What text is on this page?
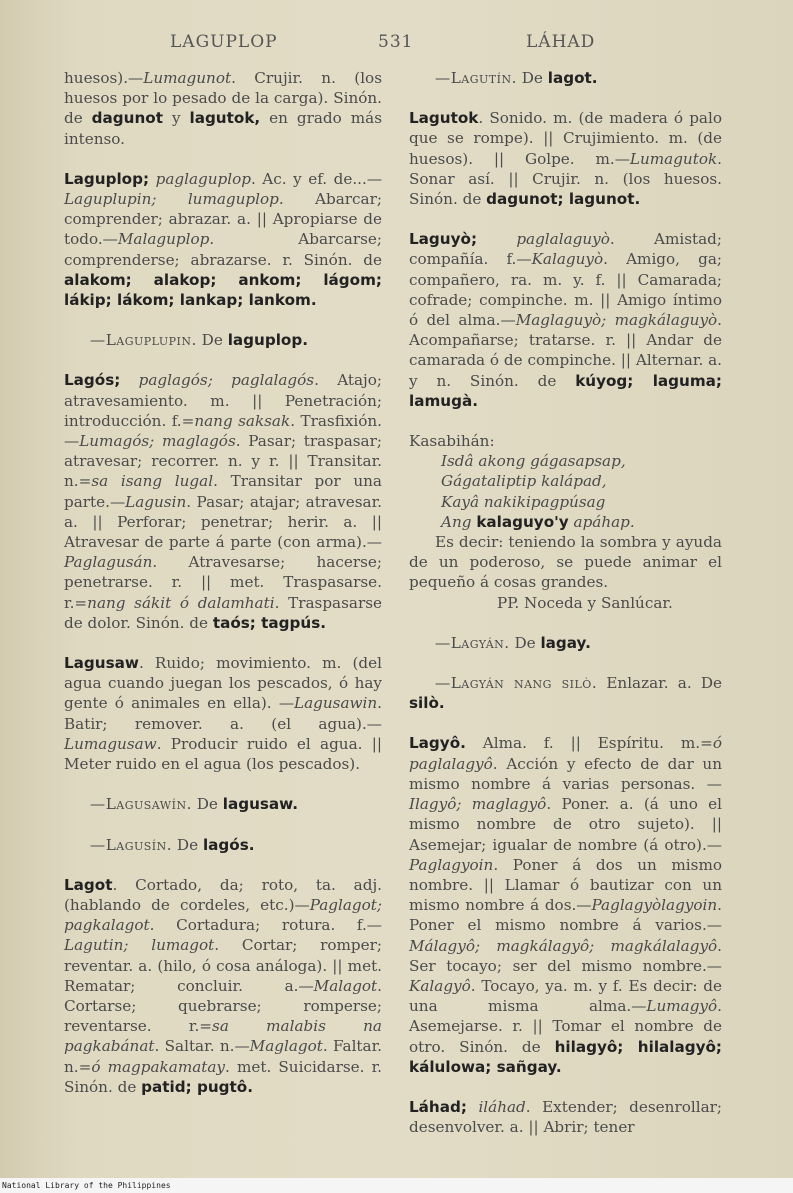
LAGUPLOP	531	LÁHAD

huesos).—Lumagunot. Crujir. n. (los huesos por lo pesado de la carga). Sinón. de dagunot y lagutok, en grado más intenso.

Laguplop; paglaguplop. Ac. y ef. de...—Laguplupin; lumaguplop. Abarcar; comprender; abrazar. a. || Apropiarse de todo.—Malaguplop. Abarcarse; comprenderse; abrazarse. r. Sinón. de alakom; alakop; ankom; lágom; lákip; lákom; lankap; lankom.

—Laguplupin. De laguplop.

Lagós; paglagós; paglalagós. Atajo; atravesamiento. m. || Penetración; introducción. f.=nang saksak. Trasfixión.—Lumagós; maglagós. Pasar; traspasar; atravesar; recorrer. n. y r. || Transitar. n.=sa isang lugal. Transitar por una parte.—Lagusin. Pasar; atajar; atravesar. a. || Perforar; penetrar; herir. a. || Atravesar de parte á parte (con arma).—Paglagusán. Atravesarse; hacerse; penetrarse. r. || met. Traspasarse. r.=nang sákit ó dalamhati. Traspasarse de dolor. Sinón. de taós; tagpús.

Lagusaw. Ruido; movimiento. m. (del agua cuando juegan los pescados, ó hay gente ó animales en ella). —Lagusawin. Batir; remover. a. (el agua).—Lumagusaw. Producir ruido el agua. || Meter ruido en el agua (los pescados).

—Lagusawín. De lagusaw.

—Lagusín. De lagós.

Lagot. Cortado, da; roto, ta. adj. (hablando de cordeles, etc.)—Paglagot; pagkalagot. Cortadura; rotura. f.—Lagutin; lumagot. Cortar; romper; reventar. a. (hilo, ó cosa análoga). || met. Rematar; concluir. a.—Malagot. Cortarse; quebrarse; romperse; reventarse. r.=sa malabis na pagkabánat. Saltar. n.—Maglagot. Faltar. n.=ó magpakamatay. met. Suicidarse. r. Sinón. de patid; pugtô.

—Lagutín. De lagot.

Lagutok. Sonido. m. (de madera ó palo que se rompe). || Crujimiento. m. (de huesos). || Golpe. m.—Lumagutok. Sonar así. || Crujir. n. (los huesos. Sinón. de dagunot; lagunot.

Laguyò;	paglalaguyò. Amistad; compañía. f.—Kalaguyò. Amigo, ga; compañero, ra. m. y. f. || Camarada; cofrade; compinche. m. || Amigo íntimo ó del alma.—Maglaguyò; magkálaguyò. Acompañarse; tratarse. r. || Andar de camarada ó de compinche. || Alternar. a. y n. Sinón. de kúyog; laguma; lamugà.

Kasabihán:

Isdâ akong gágasapsap,

Gágataliptip kalápad,

Kayâ nakikipagpúsag

Ang kalaguyo'y apáhap.

Es decir: teniendo la sombra y ayuda de un poderoso, se puede animar el pequeño á cosas grandes.

PP. Noceda y Sanlúcar.

—Lagyán. De lagay.

—Lagyán nang silò. Enlazar. a. De silò.

Lagyô. Alma. f. || Espíritu. m.=ó paglalagyô. Acción y efecto de dar un mismo nombre á varias personas. —Ilagyô; maglagyô. Poner. a. (á uno el mismo nombre de otro sujeto). || Asemejar; igualar de nombre (á otro).—Paglagyoin. Poner á dos un mismo nombre. || Llamar ó bautizar con un mismo nombre á dos.—Paglagyòlagyoin. Poner el mismo nombre á varios.—Málagyô; magkálagyô; magkálalagyô. Ser tocayo; ser del mismo nombre.—Kalagyô. Tocayo, ya. m. y f. Es decir: de una misma alma.—Lumagyô. Asemejarse. r. || Tomar el nombre de otro. Sinón. de hilagyô; hilalagyô; kálulowa; sañgay.

Láhad; iláhad. Extender; desenrollar; desenvolver. a. || Abrir; tener

National Library of the Philippines
